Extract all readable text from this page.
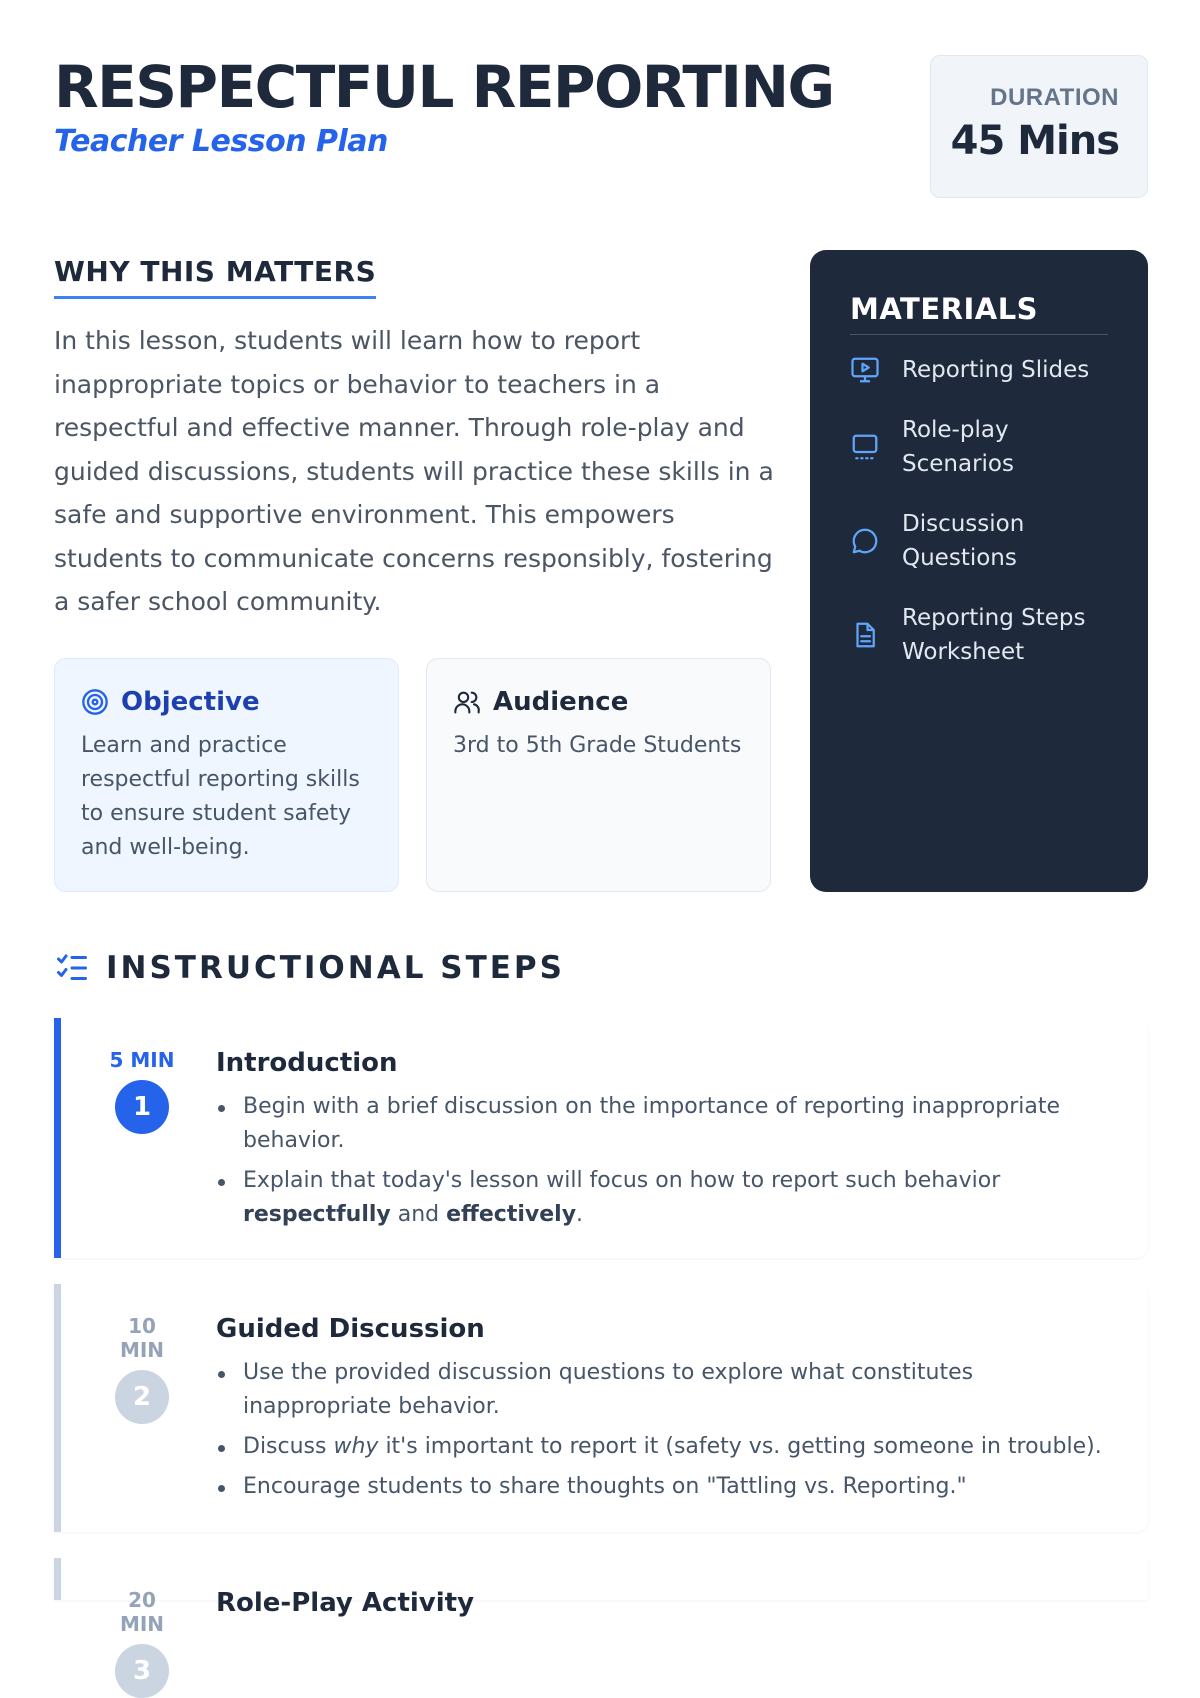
RESPECTFUL REPORTING
Teacher Lesson Plan
DURATION
45 Mins
WHY THIS MATTERS

In this lesson, students will learn how to report inappropriate topics or behavior to teachers in a respectful and effective manner. Through role-play and guided discussions, students will practice these skills in a safe and supportive environment. This empowers students to communicate concerns responsibly, fostering a safer school community.

Objective

Learn and practice respectful reporting skills to ensure student safety and well-being.

Audience

3rd to 5th Grade Students

MATERIALS
Reporting Slides
Role-play Scenarios
Discussion Questions
Reporting Steps Worksheet
INSTRUCTIONAL STEPS
5 MIN
1
Introduction
Begin with a brief discussion on the importance of reporting inappropriate behavior.
Explain that today's lesson will focus on how to report such behavior respectfully and effectively.
10 MIN
2
Guided Discussion
Use the provided discussion questions to explore what constitutes inappropriate behavior.
Discuss why it's important to report it (safety vs. getting someone in trouble).
Encourage students to share thoughts on "Tattling vs. Reporting."
20 MIN
3
Role-Play Activity
